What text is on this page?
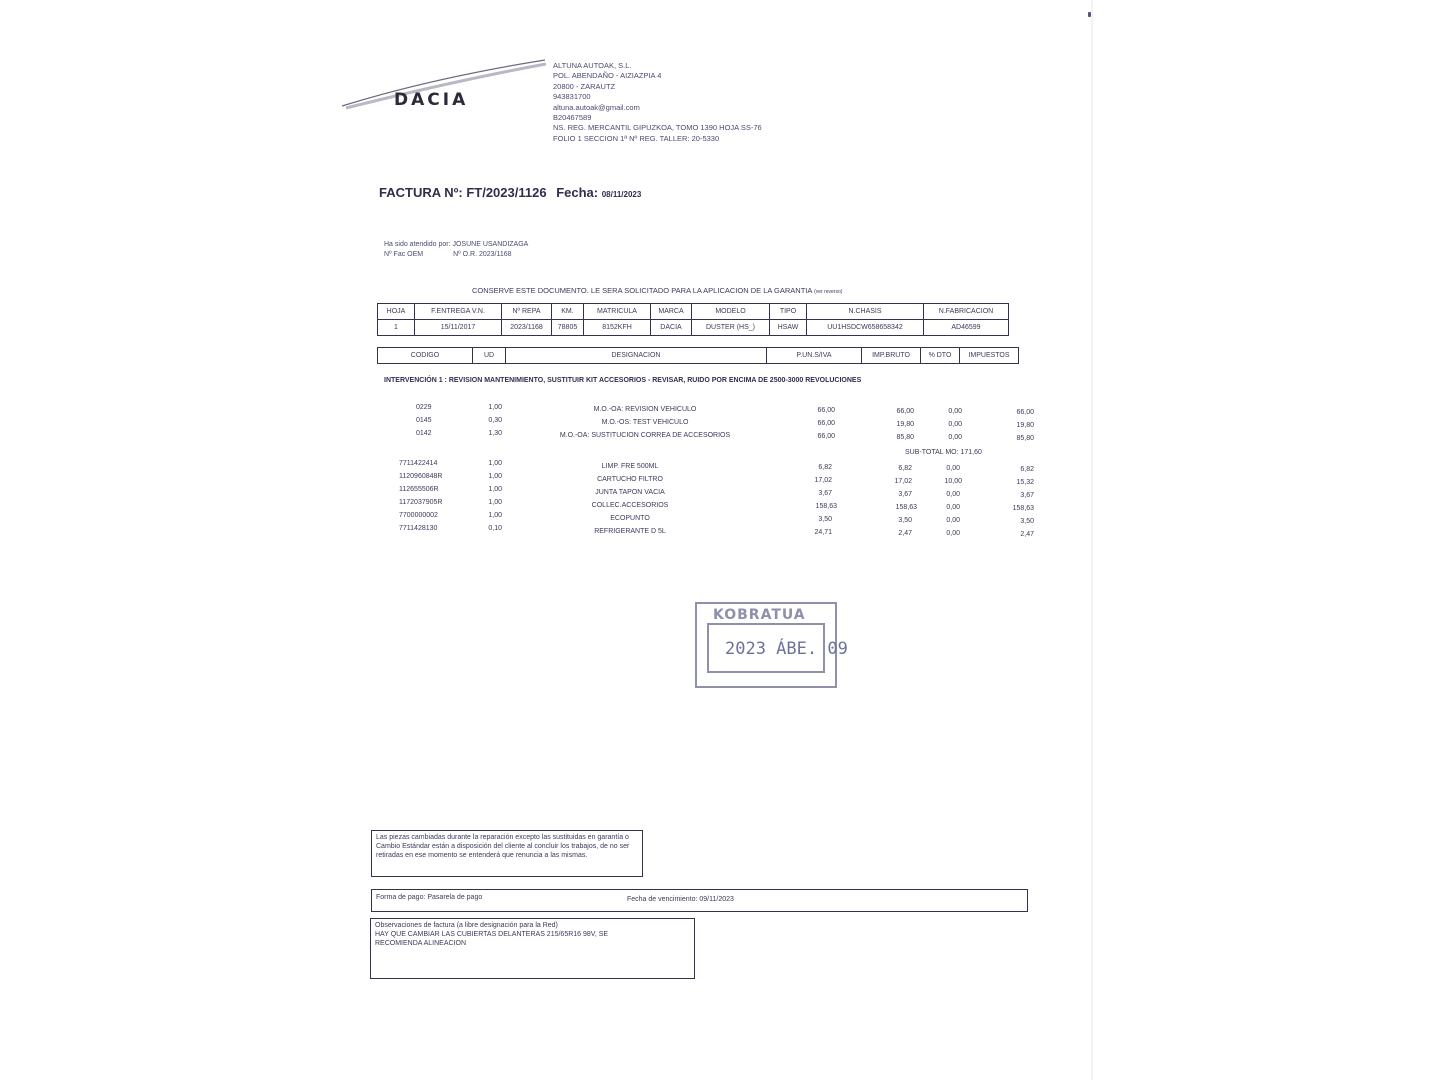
DACIA
ALTUNA AUTOAK, S.L.
POL. ABENDAÑO - AIZIAZPIA 4
20800 - ZARAUTZ
943831700
altuna.autoak@gmail.com
B20467589
NS. REG. MERCANTIL GIPUZKOA, TOMO 1390 HOJA SS-76
FOLIO 1 SECCION 1ª Nº REG. TALLER: 20-5330
FACTURA Nº: FT/2023/1126 Fecha: 08/11/2023
Ha sido atendido por: JOSUNE USANDIZAGA
Nº Fac OEM	Nº O.R. 2023/1168
CONSERVE ESTE DOCUMENTO. LE SERA SOLICITADO PARA LA APLICACION DE LA GARANTIA (ver reverso)
HOJA	F.ENTREGA V.N.	Nº REPA	KM.	MATRICULA	MARCA	MODELO	TIPO	N.CHASIS	N.FABRICACION
1	15/11/2017	2023/1168	78805	8152KFH	DACIA	DUSTER (HS_)	HSAW	UU1HSDCW658658342	AD46599
CODIGO	UD	DESIGNACION	P.UN.S/IVA	IMP.BRUTO	% DTO	IMPUESTOS
INTERVENCIÓN 1 : REVISION MANTENIMIENTO, SUSTITUIR KIT ACCESORIOS - REVISAR, RUIDO POR ENCIMA DE 2500-3000 REVOLUCIONES
0229	1,00	M.O.-OA: REVISION VEHICULO	66,00	66,00	0,00	66,00
0145	0,30	M.O.-OS: TEST VEHICULO	66,00	19,80	0,00	19,80
0142	1,30	M.O.-OA: SUSTITUCION CORREA DE ACCESORIOS	66,00	85,80	0,00	85,80
7711422414	1,00	LIMP. FRE 500ML	6,82	6,82	0,00	6,82
1120960848R	1,00	CARTUCHO FILTRO	17,02	17,02	10,00	15,32
112655506R	1,00	JUNTA TAPON VACIA	3,67	3,67	0,00	3,67
1172037905R	1,00	COLLEC.ACCESORIOS	158,63	158,63	0,00	158,63
7700000002	1,00	ECOPUNTO	3,50	3,50	0,00	3,50
7711428130	0,10	REFRIGERANTE D 5L	24,71	2,47	0,00	2,47
SUB-TOTAL MO: 171,60
KOBRATUA
2023 ÁBE. 09
Las piezas cambiadas durante la reparación excepto las sustituidas en garantía o Cambio Estándar están a disposición del cliente al concluir los trabajos, de no ser retiradas en ese momento se entenderá que renuncia a las mismas.
Forma de pago: Pasarela de pago	Fecha de vencimiento: 09/11/2023
Observaciones de factura (a libre designación para la Red)
HAY QUE CAMBIAR LAS CUBIERTAS DELANTERAS 215/65R16 98V, SE
RECOMIENDA ALINEACION
